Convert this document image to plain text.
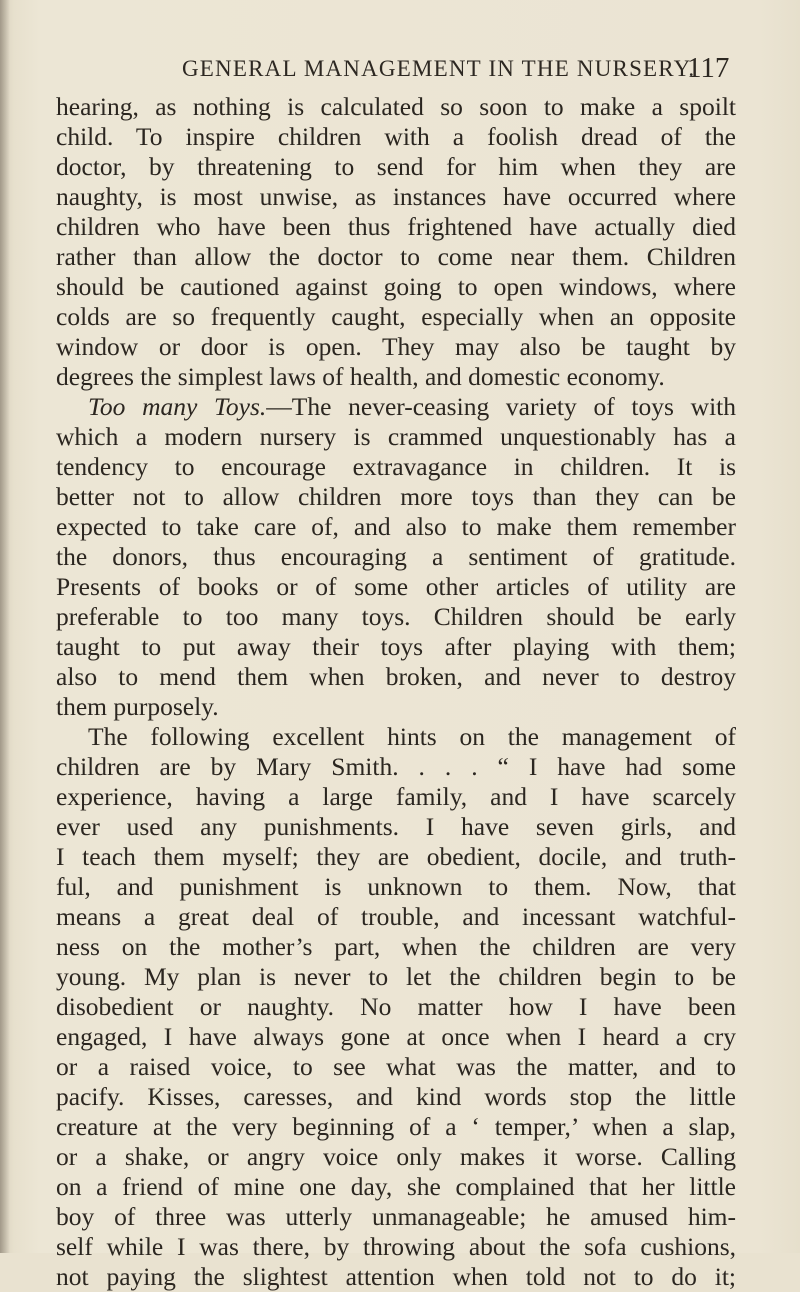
GENERAL MANAGEMENT IN THE NURSERY.
117
hearing, as nothing is calculated so soon to make a spoilt
child. To inspire children with a foolish dread of the
doctor, by threatening to send for him when they are
naughty, is most unwise, as instances have occurred where
children who have been thus frightened have actually died
rather than allow the doctor to come near them. Children
should be cautioned against going to open windows, where
colds are so frequently caught, especially when an opposite
window or door is open. They may also be taught by
degrees the simplest laws of health, and domestic economy.
Too many Toys.—The never-ceasing variety of toys with
which a modern nursery is crammed unquestionably has a
tendency to encourage extravagance in children. It is
better not to allow children more toys than they can be
expected to take care of, and also to make them remember
the donors, thus encouraging a sentiment of gratitude.
Presents of books or of some other articles of utility are
preferable to too many toys. Children should be early
taught to put away their toys after playing with them;
also to mend them when broken, and never to destroy
them purposely.
The following excellent hints on the management of
children are by Mary Smith. . . . “ I have had some
experience, having a large family, and I have scarcely
ever used any punishments. I have seven girls, and
I teach them myself; they are obedient, docile, and truth-
ful, and punishment is unknown to them. Now, that
means a great deal of trouble, and incessant watchful-
ness on the mother’s part, when the children are very
young. My plan is never to let the children begin to be
disobedient or naughty. No matter how I have been
engaged, I have always gone at once when I heard a cry
or a raised voice, to see what was the matter, and to
pacify. Kisses, caresses, and kind words stop the little
creature at the very beginning of a ‘ temper,’ when a slap,
or a shake, or angry voice only makes it worse. Calling
on a friend of mine one day, she complained that her little
boy of three was utterly unmanageable; he amused him-
self while I was there, by throwing about the sofa cushions,
not paying the slightest attention when told not to do it;
